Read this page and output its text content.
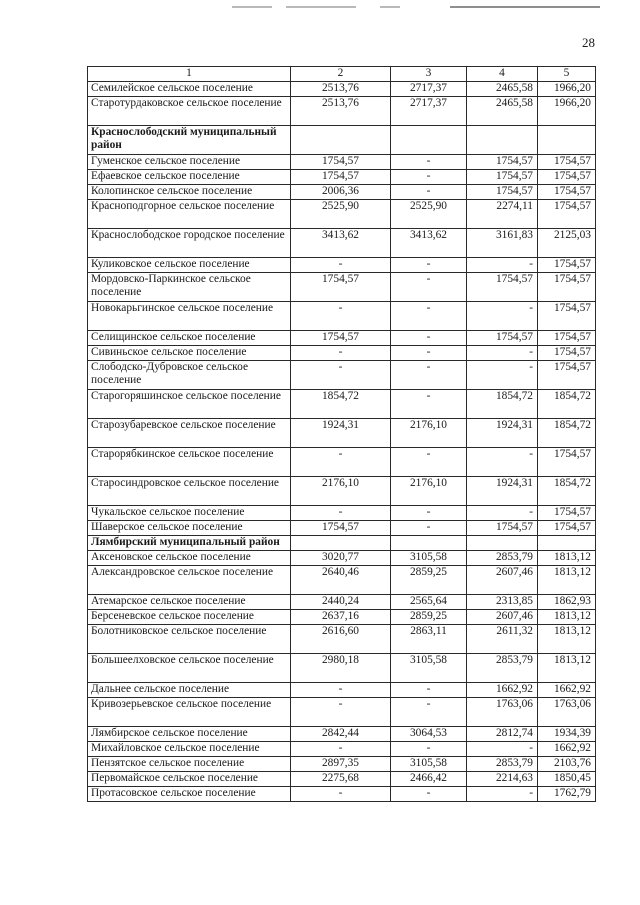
28
1	2	3	4	5
Семилейское сельское поселение	2513,76	2717,37	2465,58	1966,20
Старотурдаковское сельское поселение	2513,76	2717,37	2465,58	1966,20
Краснослободский муниципальный район				
Гуменское сельское поселение	1754,57	-	1754,57	1754,57
Ефаевское сельское поселение	1754,57	-	1754,57	1754,57
Колопинское сельское поселение	2006,36	-	1754,57	1754,57
Красноподгорное сельское поселение	2525,90	2525,90	2274,11	1754,57
Краснослободское городское поселение	3413,62	3413,62	3161,83	2125,03
Куликовское сельское поселение	-	-	-	1754,57
Мордовско-Паркинское сельское поселение	1754,57	-	1754,57	1754,57
Новокарьгинское сельское поселение	-	-	-	1754,57
Селищинское сельское поселение	1754,57	-	1754,57	1754,57
Сивиньское сельское поселение	-	-	-	1754,57
Слободско-Дубровское сельское поселение	-	-	-	1754,57
Старогоряшинское сельское поселение	1854,72	-	1854,72	1854,72
Старозубаревское сельское поселение	1924,31	2176,10	1924,31	1854,72
Старорябкинское сельское поселение	-	-	-	1754,57
Старосиндровское сельское поселение	2176,10	2176,10	1924,31	1854,72
Чукальское сельское поселение	-	-	-	1754,57
Шаверское сельское поселение	1754,57	-	1754,57	1754,57
Лямбирский муниципальный район				
Аксеновское сельское поселение	3020,77	3105,58	2853,79	1813,12
Александровское сельское поселение	2640,46	2859,25	2607,46	1813,12
Атемарское сельское поселение	2440,24	2565,64	2313,85	1862,93
Берсеневское сельское поселение	2637,16	2859,25	2607,46	1813,12
Болотниковское сельское поселение	2616,60	2863,11	2611,32	1813,12
Большеелховское сельское поселение	2980,18	3105,58	2853,79	1813,12
Дальнее сельское поселение	-	-	1662,92	1662,92
Кривозерьевское сельское поселение	-	-	1763,06	1763,06
Лямбирское сельское поселение	2842,44	3064,53	2812,74	1934,39
Михайловское сельское поселение	-	-	-	1662,92
Пензятское сельское поселение	2897,35	3105,58	2853,79	2103,76
Первомайское сельское поселение	2275,68	2466,42	2214,63	1850,45
Протасовское сельское поселение	-	-	-	1762,79
